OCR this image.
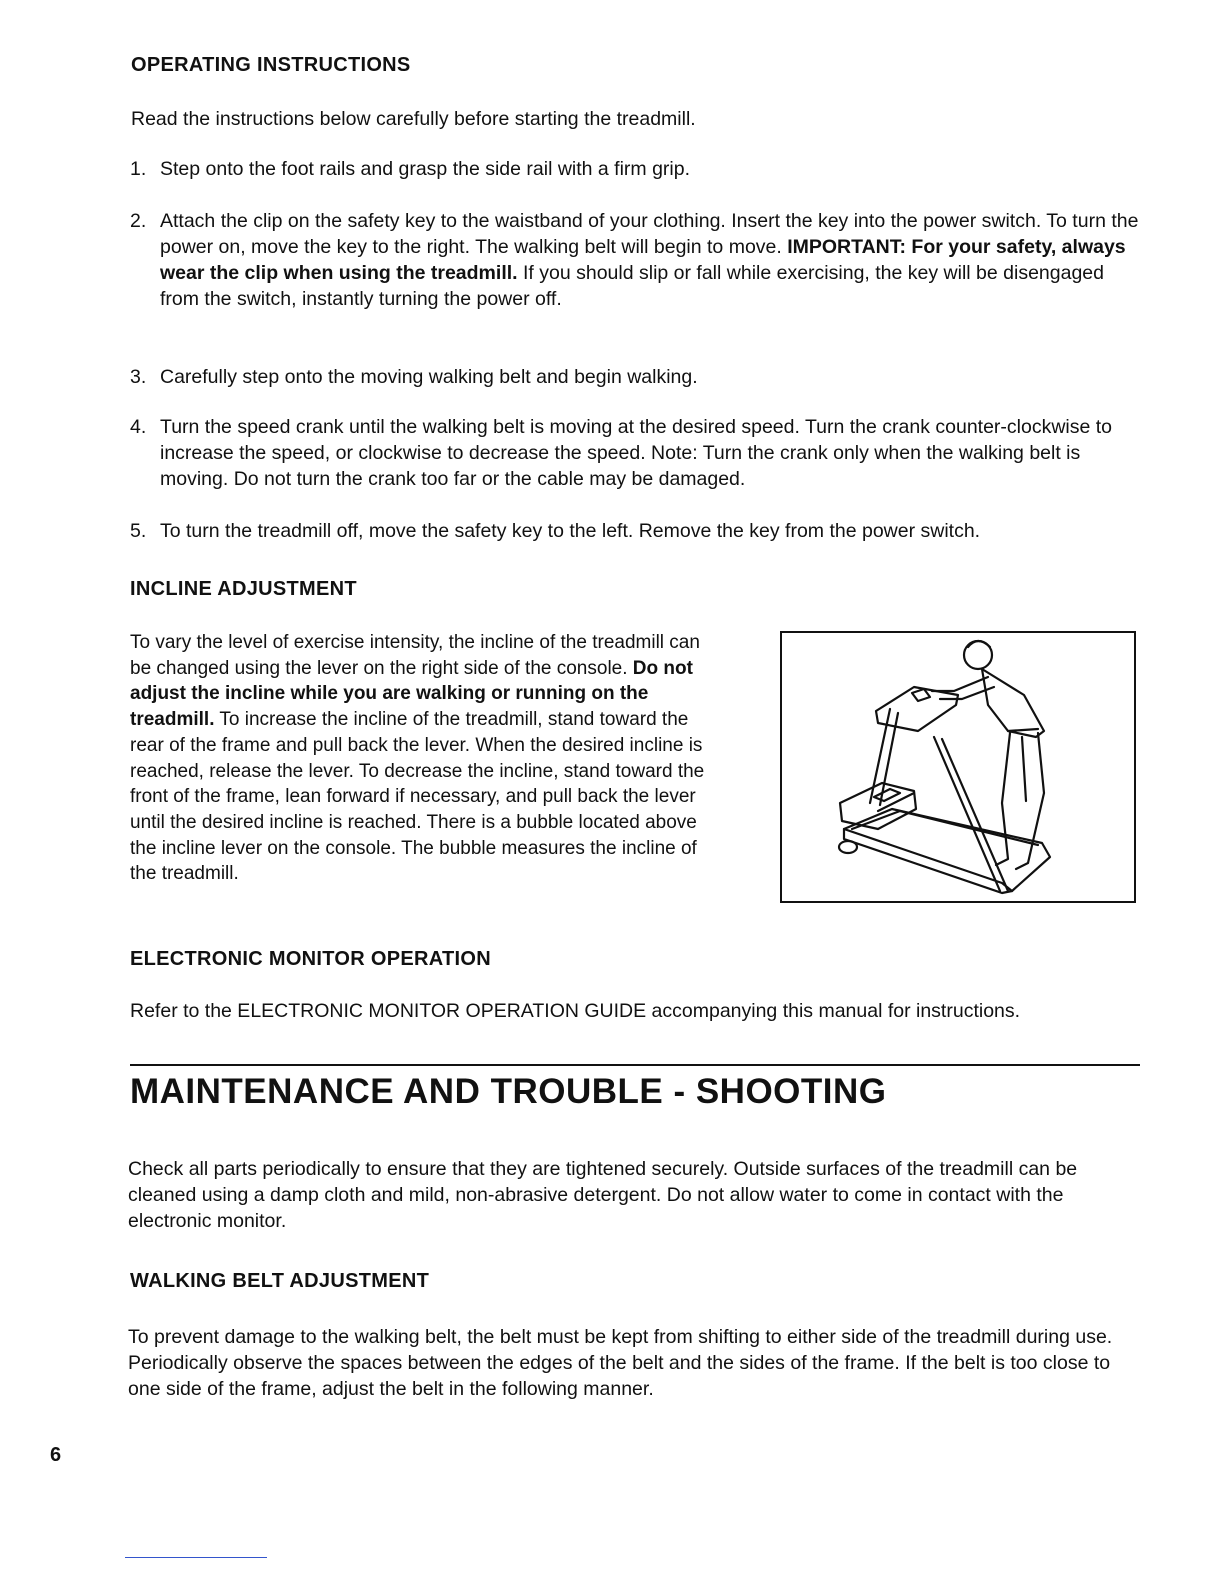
OPERATING INSTRUCTIONS
Read the instructions below carefully before starting the treadmill.
1. Step onto the foot rails and grasp the side rail with a firm grip.
2. Attach the clip on the safety key to the waistband of your clothing. Insert the key into the power switch. To turn the power on, move the key to the right. The walking belt will begin to move. IMPORTANT: For your safety, always wear the clip when using the treadmill. If you should slip or fall while exercising, the key will be disengaged from the switch, instantly turning the power off.
3. Carefully step onto the moving walking belt and begin walking.
4. Turn the speed crank until the walking belt is moving at the desired speed. Turn the crank counter-clockwise to increase the speed, or clockwise to decrease the speed. Note: Turn the crank only when the walking belt is moving. Do not turn the crank too far or the cable may be damaged.
5. To turn the treadmill off, move the safety key to the left. Remove the key from the power switch.
INCLINE ADJUSTMENT
To vary the level of exercise intensity, the incline of the treadmill can be changed using the lever on the right side of the console. Do not adjust the incline while you are walking or running on the treadmill. To increase the incline of the treadmill, stand toward the rear of the frame and pull back the lever. When the desired incline is reached, release the lever. To decrease the incline, stand toward the front of the frame, lean forward if necessary, and pull back the lever until the desired incline is reached. There is a bubble located above the incline lever on the console. The bubble measures the incline of the treadmill.
ELECTRONIC MONITOR OPERATION
Refer to the ELECTRONIC MONITOR OPERATION GUIDE accompanying this manual for instructions.
MAINTENANCE AND TROUBLE - SHOOTING
Check all parts periodically to ensure that they are tightened securely. Outside surfaces of the treadmill can be cleaned using a damp cloth and mild, non-abrasive detergent. Do not allow water to come in contact with the electronic monitor.
WALKING BELT ADJUSTMENT
To prevent damage to the walking belt, the belt must be kept from shifting to either side of the treadmill during use. Periodically observe the spaces between the edges of the belt and the sides of the frame. If the belt is too close to one side of the frame, adjust the belt in the following manner.
6
